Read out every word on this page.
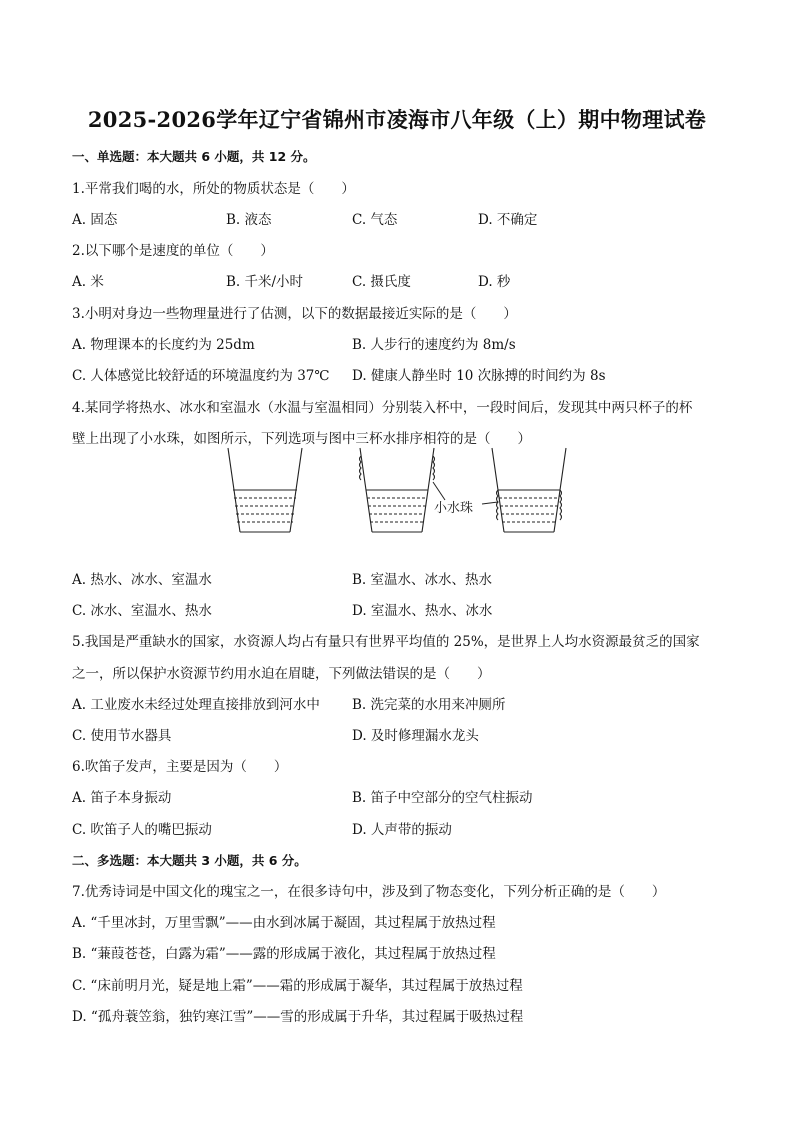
2025-2026学年辽宁省锦州市凌海市八年级（上）期中物理试卷
一、单选题：本大题共 6 小题，共 12 分。
1.平常我们喝的水，所处的物质状态是（　　）
A. 固态	B. 液态	C. 气态	D. 不确定
2.以下哪个是速度的单位（　　）
A. 米	B. 千米/小时	C. 摄氏度	D. 秒
3.小明对身边一些物理量进行了估测，以下的数据最接近实际的是（　　）
A. 物理课本的长度约为 25dm	B. 人步行的速度约为 8m/s
C. 人体感觉比较舒适的环境温度约为 37℃ D. 健康人静坐时 10 次脉搏的时间约为 8s
4.某同学将热水、冰水和室温水（水温与室温相同）分别装入杯中，一段时间后，发现其中两只杯子的杯
壁上出现了小水珠，如图所示，下列选项与图中三杯水排序相符的是（　　）
小水珠
A. 热水、冰水、室温水	B. 室温水、冰水、热水
C. 冰水、室温水、热水	D. 室温水、热水、冰水
5.我国是严重缺水的国家，水资源人均占有量只有世界平均值的 25%，是世界上人均水资源最贫乏的国家
之一，所以保护水资源节约用水迫在眉睫，下列做法错误的是（　　）
A. 工业废水未经过处理直接排放到河水中 B. 洗完菜的水用来冲厕所
C. 使用节水器具	D. 及时修理漏水龙头
6.吹笛子发声，主要是因为（　　）
A. 笛子本身振动	B. 笛子中空部分的空气柱振动
C. 吹笛子人的嘴巴振动	D. 人声带的振动
二、多选题：本大题共 3 小题，共 6 分。
7.优秀诗词是中国文化的瑰宝之一，在很多诗句中，涉及到了物态变化，下列分析正确的是（　　）
A. “千里冰封，万里雪飘”——由水到冰属于凝固，其过程属于放热过程
B. “蒹葭苍苍，白露为霜”——露的形成属于液化，其过程属于放热过程
C. “床前明月光，疑是地上霜”——霜的形成属于凝华，其过程属于放热过程
D. “孤舟蓑笠翁，独钓寒江雪”——雪的形成属于升华，其过程属于吸热过程
